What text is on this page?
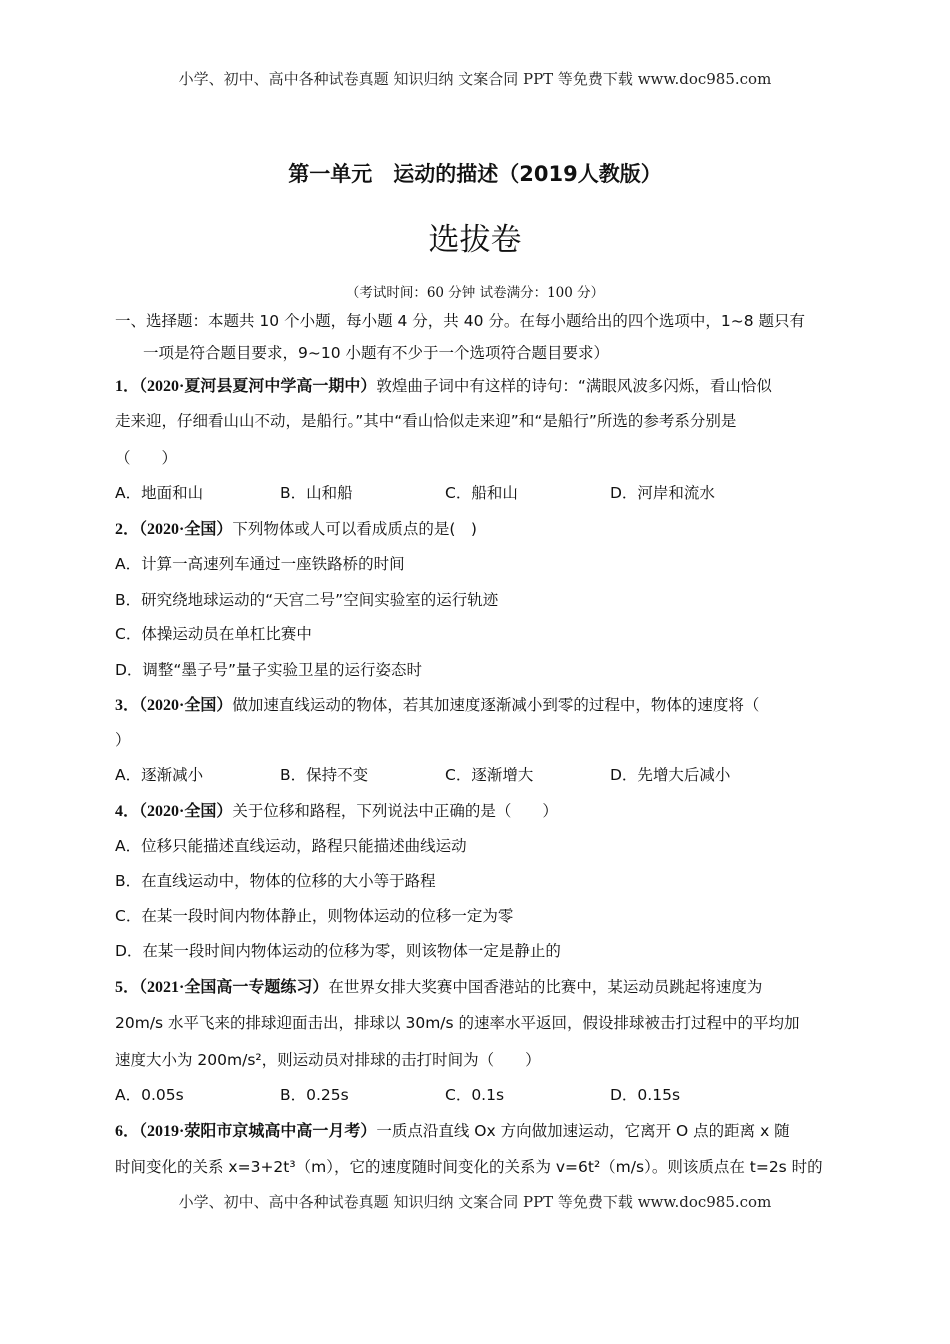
小学、初中、高中各种试卷真题 知识归纳 文案合同 PPT 等免费下载 www.doc985.com
第一单元　运动的描述（2019人教版）
选拔卷
（考试时间：60 分钟 试卷满分：100 分）
一、选择题：本题共 10 个小题，每小题 4 分，共 40 分。在每小题给出的四个选项中，1~8 题只有
一项是符合题目要求，9~10 小题有不少于一个选项符合题目要求）
1．（2020·夏河县夏河中学高一期中）敦煌曲子词中有这样的诗句：“满眼风波多闪烁，看山恰似
走来迎，仔细看山山不动，是船行。”其中“看山恰似走来迎”和“是船行”所选的参考系分别是
（　　）
A．地面和山	B．山和船	C．船和山	D．河岸和流水
2．（2020·全国）下列物体或人可以看成质点的是(　)
A．计算一高速列车通过一座铁路桥的时间
B．研究绕地球运动的“天宫二号”空间实验室的运行轨迹
C．体操运动员在单杠比赛中
D．调整“墨子号”量子实验卫星的运行姿态时
3．（2020·全国）做加速直线运动的物体，若其加速度逐渐减小到零的过程中，物体的速度将（
）
A．逐渐减小	B．保持不变	C．逐渐增大	D．先增大后减小
4．（2020·全国）关于位移和路程，下列说法中正确的是（　　）
A．位移只能描述直线运动，路程只能描述曲线运动
B．在直线运动中，物体的位移的大小等于路程
C．在某一段时间内物体静止，则物体运动的位移一定为零
D．在某一段时间内物体运动的位移为零，则该物体一定是静止的
5．（2021·全国高一专题练习）在世界女排大奖赛中国香港站的比赛中，某运动员跳起将速度为
20m/s 水平飞来的排球迎面击出，排球以 30m/s 的速率水平返回，假设排球被击打过程中的平均加
速度大小为 200m/s²，则运动员对排球的击打时间为（　　）
A．0.05s	B．0.25s	C．0.1s	D．0.15s
6．（2019·荥阳市京城高中高一月考）一质点沿直线 Ox 方向做加速运动，它离开 O 点的距离 x 随
时间变化的关系 x=3+2t³（m），它的速度随时间变化的关系为 v=6t²（m/s）。则该质点在 t=2s 时的
小学、初中、高中各种试卷真题 知识归纳 文案合同 PPT 等免费下载 www.doc985.com
